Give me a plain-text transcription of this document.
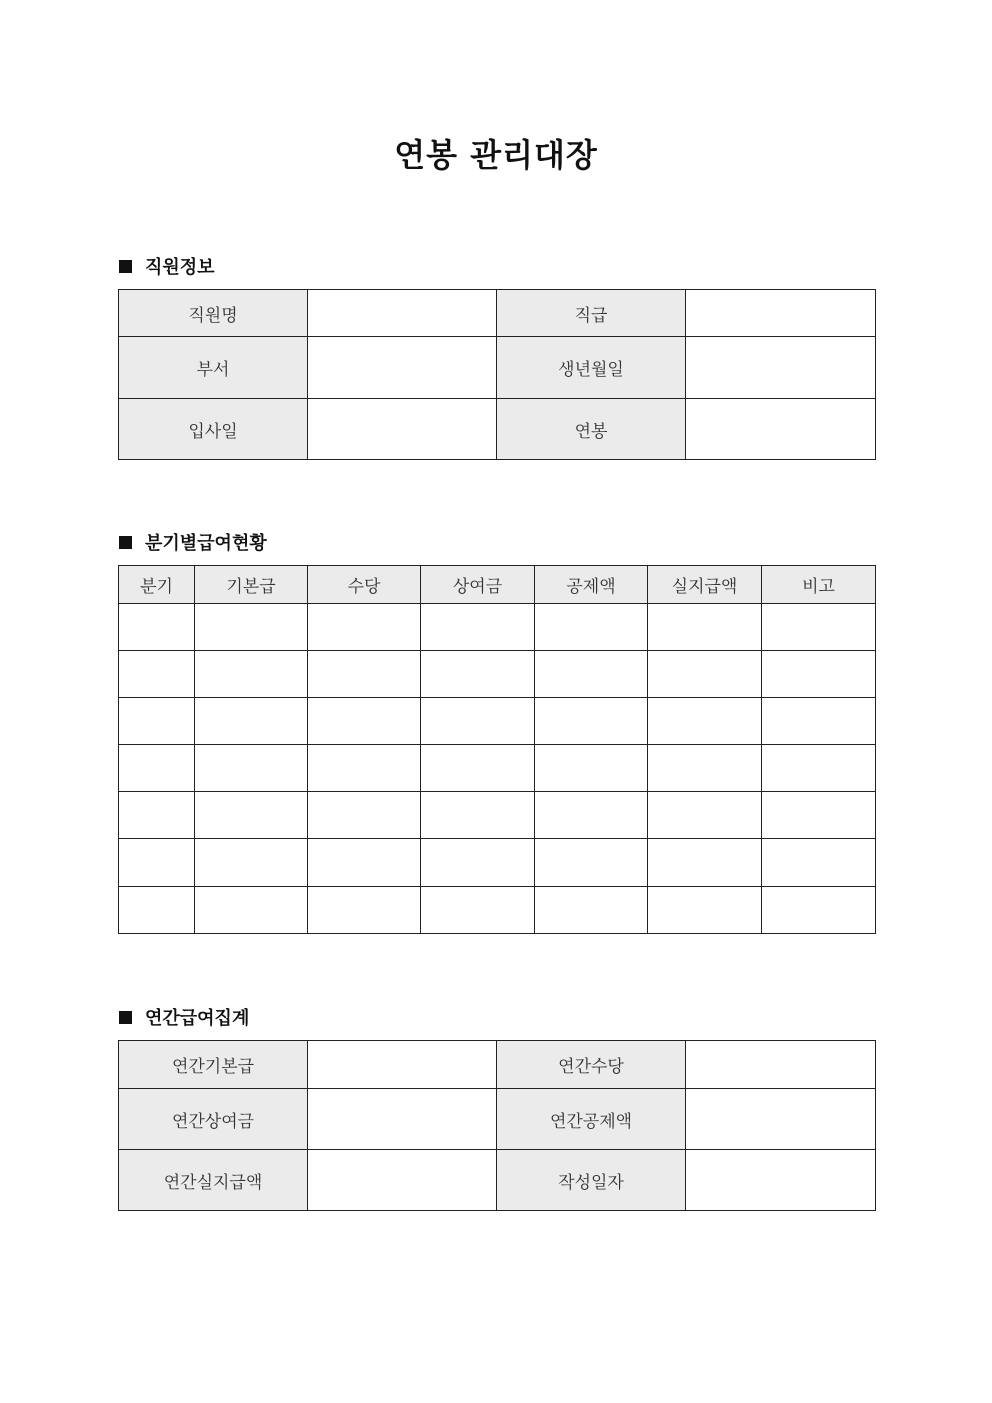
연봉 관리대장
직원정보
직원명		직급	
부서		생년월일	
입사일		연봉	
분기별급여현황
분기	기본급	수당	상여금	공제액	실지급액	비고

연간급여집계
연간기본급		연간수당	
연간상여금		연간공제액	
연간실지급액		작성일자	
